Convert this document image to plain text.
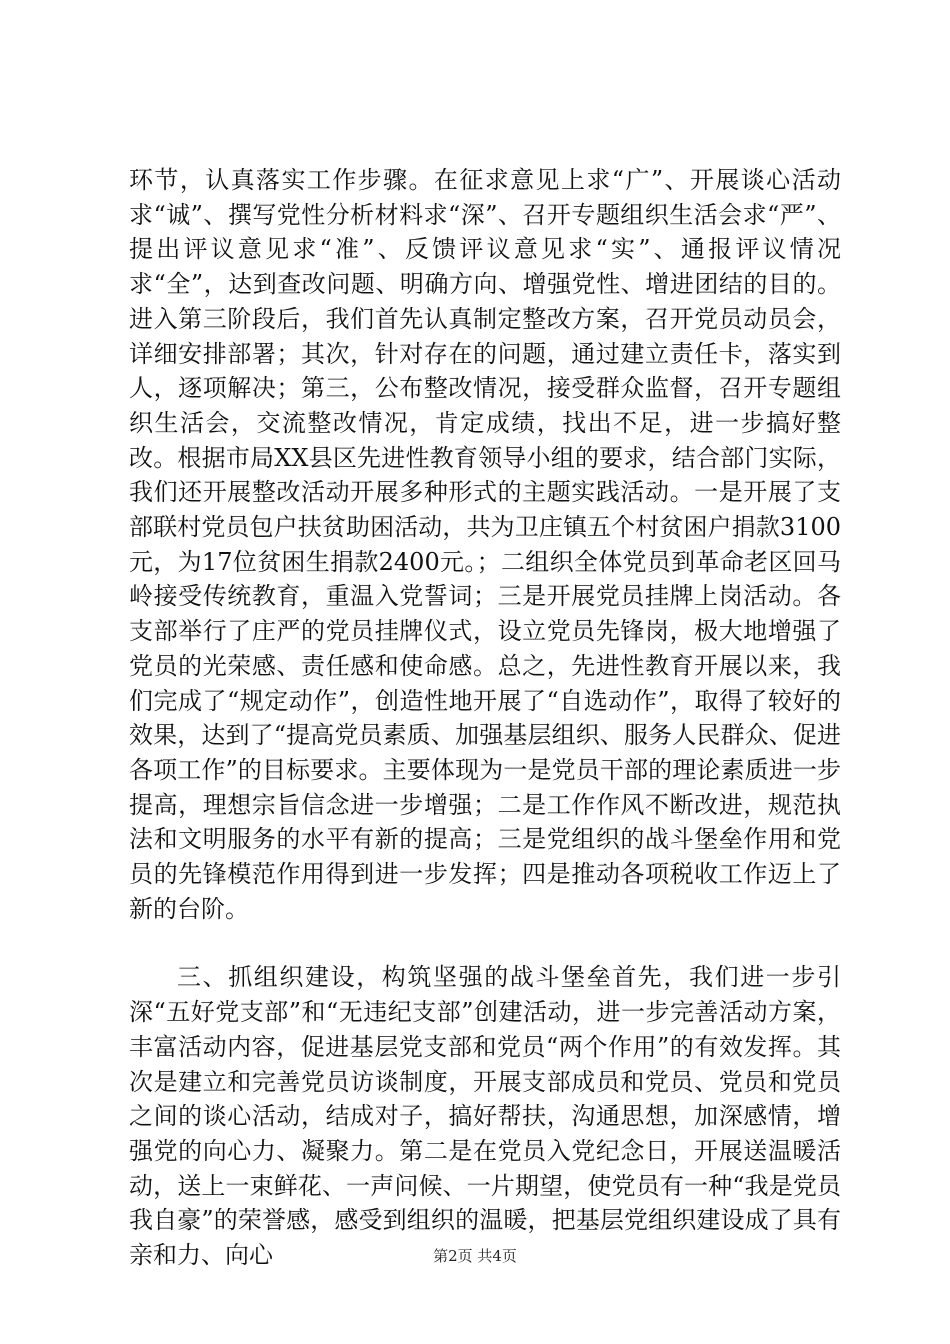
环节，认真落实工作步骤。在征求意见上求“广”、开展谈心活动求“诚”、撰写党性分析材料求“深”、召开专题组织生活会求“严”、提出评议意见求“准”、反馈评议意见求“实”、通报评议情况求“全”，达到查改问题、明确方向、增强党性、增进团结的目的。进入第三阶段后，我们首先认真制定整改方案，召开党员动员会，详细安排部署；其次，针对存在的问题，通过建立责任卡，落实到人，逐项解决；第三，公布整改情况，接受群众监督，召开专题组织生活会，交流整改情况，肯定成绩，找出不足，进一步搞好整改。根据市局XX县区先进性教育领导小组的要求，结合部门实际，我们还开展整改活动开展多种形式的主题实践活动。一是开展了支部联村党员包户扶贫助困活动，共为卫庄镇五个村贫困户捐款3100元，为17位贫困生捐款2400元。；二组织全体党员到革命老区回马岭接受传统教育，重温入党誓词；三是开展党员挂牌上岗活动。各支部举行了庄严的党员挂牌仪式，设立党员先锋岗，极大地增强了党员的光荣感、责任感和使命感。总之，先进性教育开展以来，我们完成了“规定动作”，创造性地开展了“自选动作”，取得了较好的效果，达到了“提高党员素质、加强基层组织、服务人民群众、促进各项工作”的目标要求。主要体现为一是党员干部的理论素质进一步提高，理想宗旨信念进一步增强；二是工作作风不断改进，规范执法和文明服务的水平有新的提高；三是党组织的战斗堡垒作用和党员的先锋模范作用得到进一步发挥；四是推动各项税收工作迈上了新的台阶。

三、抓组织建设，构筑坚强的战斗堡垒首先，我们进一步引深“五好党支部”和“无违纪支部”创建活动，进一步完善活动方案，丰富活动内容，促进基层党支部和党员“两个作用”的有效发挥。其次是建立和完善党员访谈制度，开展支部成员和党员、党员和党员之间的谈心活动，结成对子，搞好帮扶，沟通思想，加深感情，增强党的向心力、凝聚力。第二是在党员入党纪念日，开展送温暖活动，送上一束鲜花、一声问候、一片期望，使党员有一种“我是党员我自豪”的荣誉感，感受到组织的温暖，把基层党组织建设成了具有亲和力、向心	第2页 共4页
